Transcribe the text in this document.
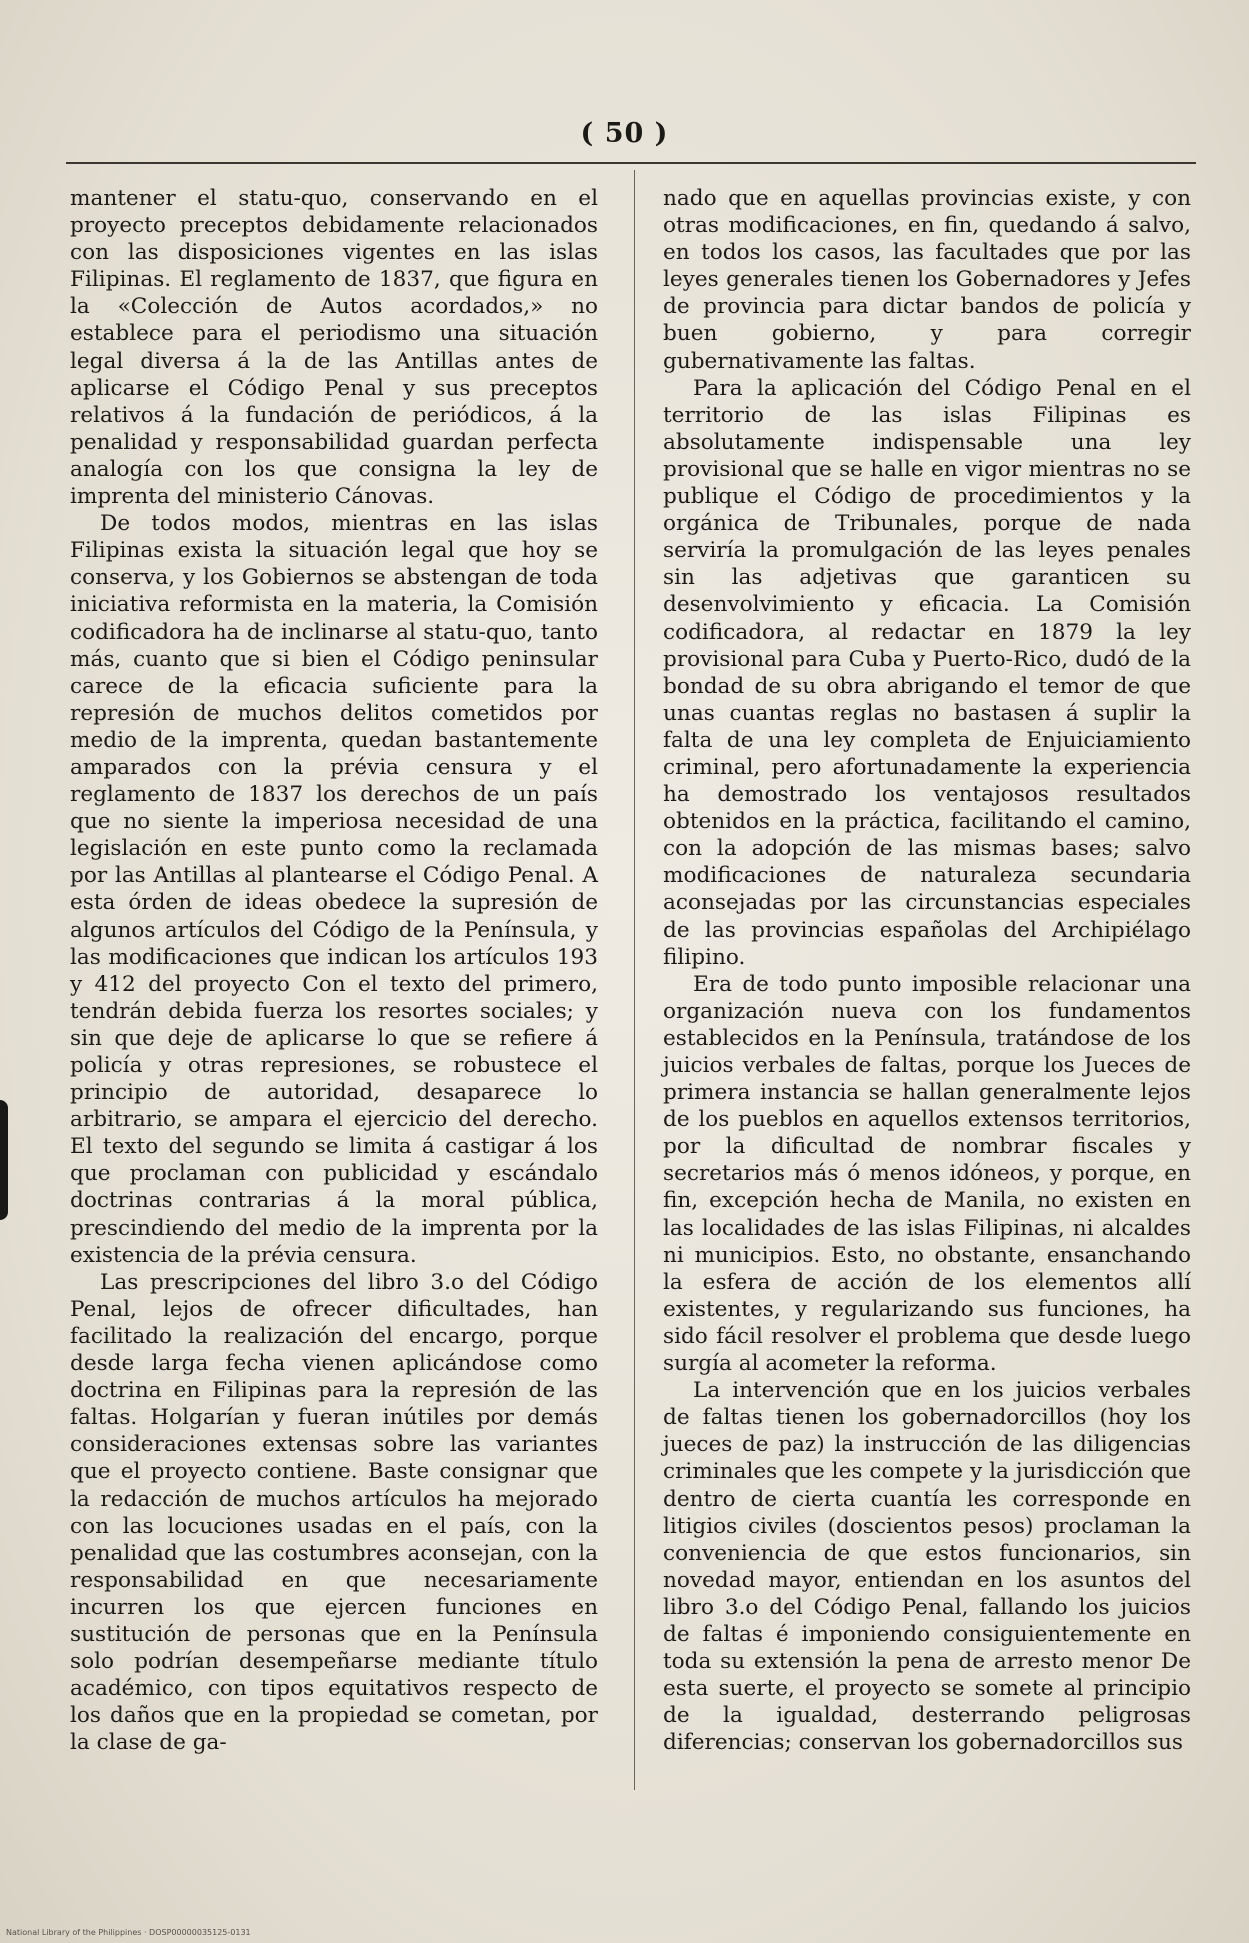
( 50 )

mantener el statu-quo, conservando en el proyecto preceptos debidamente relacionados con las disposiciones vigentes en las islas Filipinas. El reglamento de 1837, que figura en la «Colección de Autos acordados,» no establece para el periodismo una situación legal diversa á la de las Antillas antes de aplicarse el Código Penal y sus preceptos relativos á la fundación de periódicos, á la penalidad y responsabilidad guardan perfecta analogía con los que consigna la ley de imprenta del ministerio Cánovas.

De todos modos, mientras en las islas Filipinas exista la situación legal que hoy se conserva, y los Gobiernos se abstengan de toda iniciativa reformista en la materia, la Comisión codificadora ha de inclinarse al statu-quo, tanto más, cuanto que si bien el Código peninsular carece de la eficacia suficiente para la represión de muchos delitos cometidos por medio de la imprenta, quedan bastantemente amparados con la prévia censura y el reglamento de 1837 los derechos de un país que no siente la imperiosa necesidad de una legislación en este punto como la reclamada por las Antillas al plantearse el Código Penal. A esta órden de ideas obedece la supresión de algunos artículos del Código de la Península, y las modificaciones que indican los artículos 193 y 412 del proyecto Con el texto del primero, tendrán debida fuerza los resortes sociales; y sin que deje de aplicarse lo que se refiere á policía y otras represiones, se robustece el principio de autoridad, desaparece lo arbitrario, se ampara el ejercicio del derecho. El texto del segundo se limita á castigar á los que proclaman con publicidad y escándalo doctrinas contrarias á la moral pública, prescindiendo del medio de la imprenta por la existencia de la prévia censura.

Las prescripciones del libro 3.o del Código Penal, lejos de ofrecer dificultades, han facilitado la realización del encargo, porque desde larga fecha vienen aplicándose como doctrina en Filipinas para la represión de las faltas. Holgarían y fueran inútiles por demás consideraciones extensas sobre las variantes que el proyecto contiene. Baste consignar que la redacción de muchos artículos ha mejorado con las locuciones usadas en el país, con la penalidad que las costumbres aconsejan, con la responsabilidad en que necesariamente incurren los que ejercen funciones en sustitución de personas que en la Península solo podrían desempeñarse mediante título académico, con tipos equitativos respecto de los daños que en la propiedad se cometan, por la clase de ga-

nado que en aquellas provincias existe, y con otras modificaciones, en fin, quedando á salvo, en todos los casos, las facultades que por las leyes generales tienen los Gobernadores y Jefes de provincia para dictar bandos de policía y buen gobierno, y para corregir gubernativamente las faltas.

Para la aplicación del Código Penal en el territorio de las islas Filipinas es absolutamente indispensable una ley provisional que se halle en vigor mientras no se publique el Código de procedimientos y la orgánica de Tribunales, porque de nada serviría la promulgación de las leyes penales sin las adjetivas que garanticen su desenvolvimiento y eficacia. La Comisión codificadora, al redactar en 1879 la ley provisional para Cuba y Puerto-Rico, dudó de la bondad de su obra abrigando el temor de que unas cuantas reglas no bastasen á suplir la falta de una ley completa de Enjuiciamiento criminal, pero afortunadamente la experiencia ha demostrado los ventajosos resultados obtenidos en la práctica, facilitando el camino, con la adopción de las mismas bases; salvo modificaciones de naturaleza secundaria aconsejadas por las circunstancias especiales de las provincias españolas del Archipiélago filipino.

Era de todo punto imposible relacionar una organización nueva con los fundamentos establecidos en la Península, tratándose de los juicios verbales de faltas, porque los Jueces de primera instancia se hallan generalmente lejos de los pueblos en aquellos extensos territorios, por la dificultad de nombrar fiscales y secretarios más ó menos idóneos, y porque, en fin, excepción hecha de Manila, no existen en las localidades de las islas Filipinas, ni alcaldes ni municipios. Esto, no obstante, ensanchando la esfera de acción de los elementos allí existentes, y regularizando sus funciones, ha sido fácil resolver el problema que desde luego surgía al acometer la reforma.

La intervención que en los juicios verbales de faltas tienen los gobernadorcillos (hoy los jueces de paz) la instrucción de las diligencias criminales que les compete y la jurisdicción que dentro de cierta cuantía les corresponde en litigios civiles (doscientos pesos) proclaman la conveniencia de que estos funcionarios, sin novedad mayor, entiendan en los asuntos del libro 3.o del Código Penal, fallando los juicios de faltas é imponiendo consiguientemente en toda su extensión la pena de arresto menor De esta suerte, el proyecto se somete al principio de la igualdad, desterrando peligrosas diferencias; conservan los gobernadorcillos sus

National Library of the Philippines · DOSP00000035125-0131
